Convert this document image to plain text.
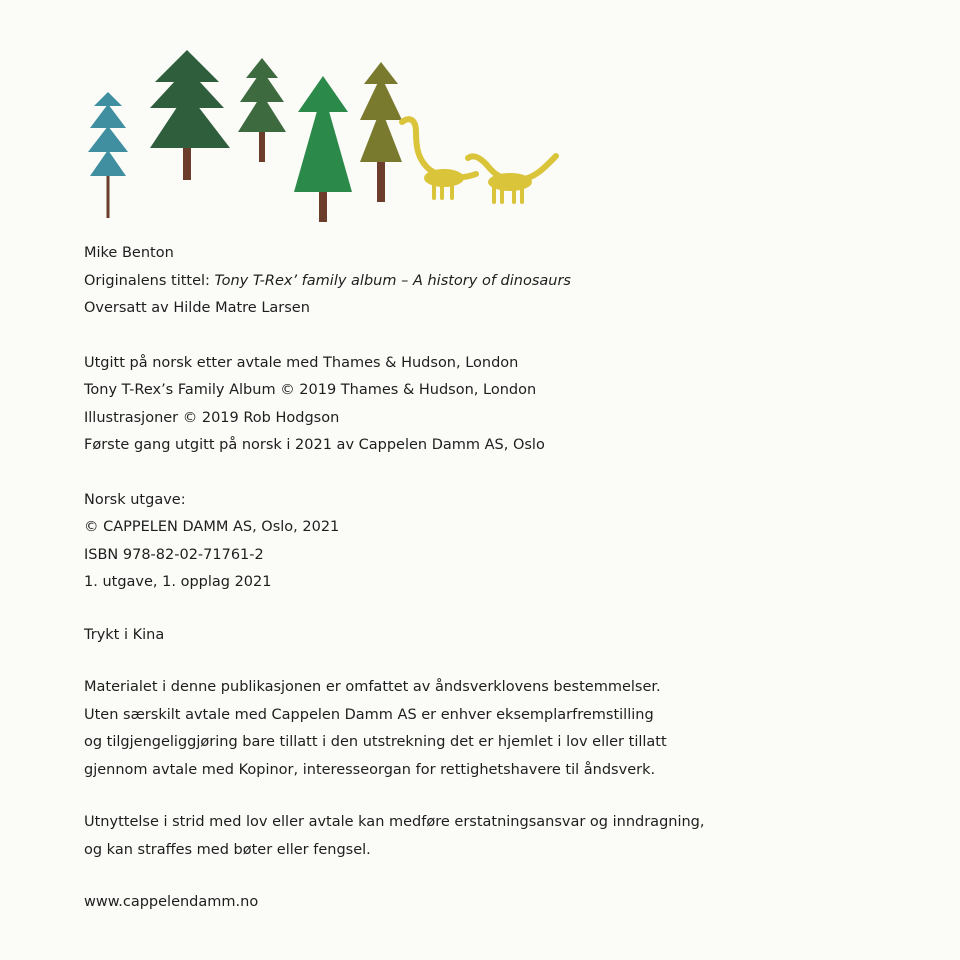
Mike Benton

Originalens tittel: Tony T-Rex’ family album – A history of dinosaurs

Oversatt av Hilde Matre Larsen

Utgitt på norsk etter avtale med Thames & Hudson, London

Tony T-Rex’s Family Album © 2019 Thames & Hudson, London

Illustrasjoner © 2019 Rob Hodgson

Første gang utgitt på norsk i 2021 av Cappelen Damm AS, Oslo

Norsk utgave:

© CAPPELEN DAMM AS, Oslo, 2021

ISBN 978-82-02-71761-2

1. utgave, 1. opplag 2021

Trykt i Kina

Materialet i denne publikasjonen er omfattet av åndsverklovens bestemmelser.

Uten særskilt avtale med Cappelen Damm AS er enhver eksemplarfremstilling

og tilgjengeliggjøring bare tillatt i den utstrekning det er hjemlet i lov eller tillatt

gjennom avtale med Kopinor, interesseorgan for rettighetshavere til åndsverk.

Utnyttelse i strid med lov eller avtale kan medføre erstatningsansvar og inndragning,

og kan straffes med bøter eller fengsel.

www.cappelendamm.no
